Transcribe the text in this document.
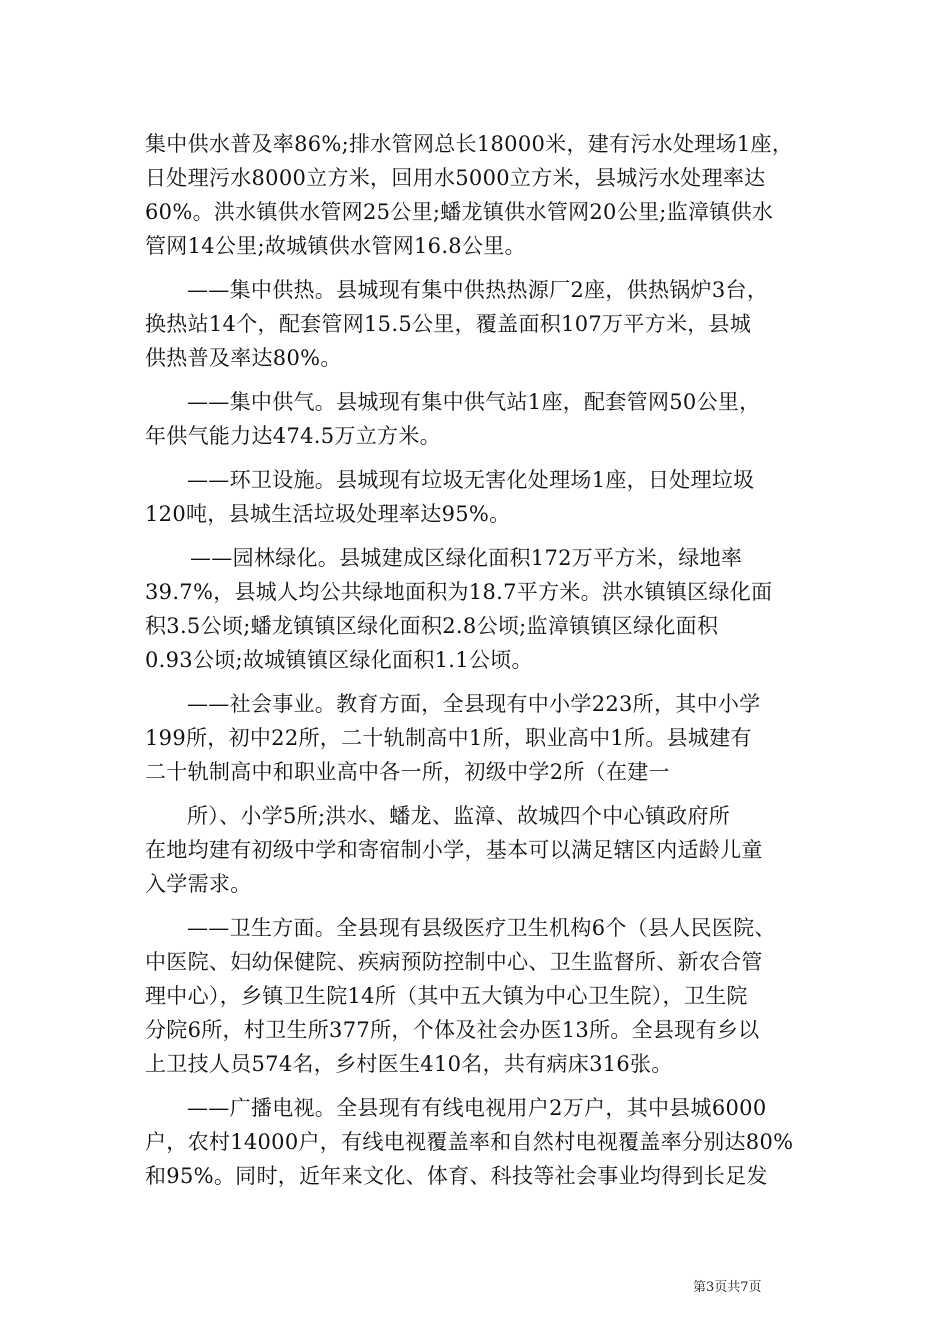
集中供水普及率86%;排水管网总长18000米，建有污水处理场1座，
日处理污水8000立方米，回用水5000立方米，县城污水处理率达
60%。洪水镇供水管网25公里;蟠龙镇供水管网20公里;监漳镇供水
管网14公里;故城镇供水管网16.8公里。
——集中供热。县城现有集中供热热源厂2座，供热锅炉3台，
换热站14个，配套管网15.5公里，覆盖面积107万平方米，县城
供热普及率达80%。
——集中供气。县城现有集中供气站1座，配套管网50公里，
年供气能力达474.5万立方米。
——环卫设施。县城现有垃圾无害化处理场1座，日处理垃圾
120吨，县城生活垃圾处理率达95%。
——园林绿化。县城建成区绿化面积172万平方米，绿地率
39.7%，县城人均公共绿地面积为18.7平方米。洪水镇镇区绿化面
积3.5公顷;蟠龙镇镇区绿化面积2.8公顷;监漳镇镇区绿化面积
0.93公顷;故城镇镇区绿化面积1.1公顷。
——社会事业。教育方面，全县现有中小学223所，其中小学
199所，初中22所，二十轨制高中1所，职业高中1所。县城建有
二十轨制高中和职业高中各一所，初级中学2所（在建一
所）、小学5所;洪水、蟠龙、监漳、故城四个中心镇政府所
在地均建有初级中学和寄宿制小学，基本可以满足辖区内适龄儿童
入学需求。
——卫生方面。全县现有县级医疗卫生机构6个（县人民医院、
中医院、妇幼保健院、疾病预防控制中心、卫生监督所、新农合管
理中心），乡镇卫生院14所（其中五大镇为中心卫生院），卫生院
分院6所，村卫生所377所，个体及社会办医13所。全县现有乡以
上卫技人员574名，乡村医生410名，共有病床316张。
——广播电视。全县现有有线电视用户2万户，其中县城6000
户，农村14000户，有线电视覆盖率和自然村电视覆盖率分别达80%
和95%。同时，近年来文化、体育、科技等社会事业均得到长足发
第3页共7页
